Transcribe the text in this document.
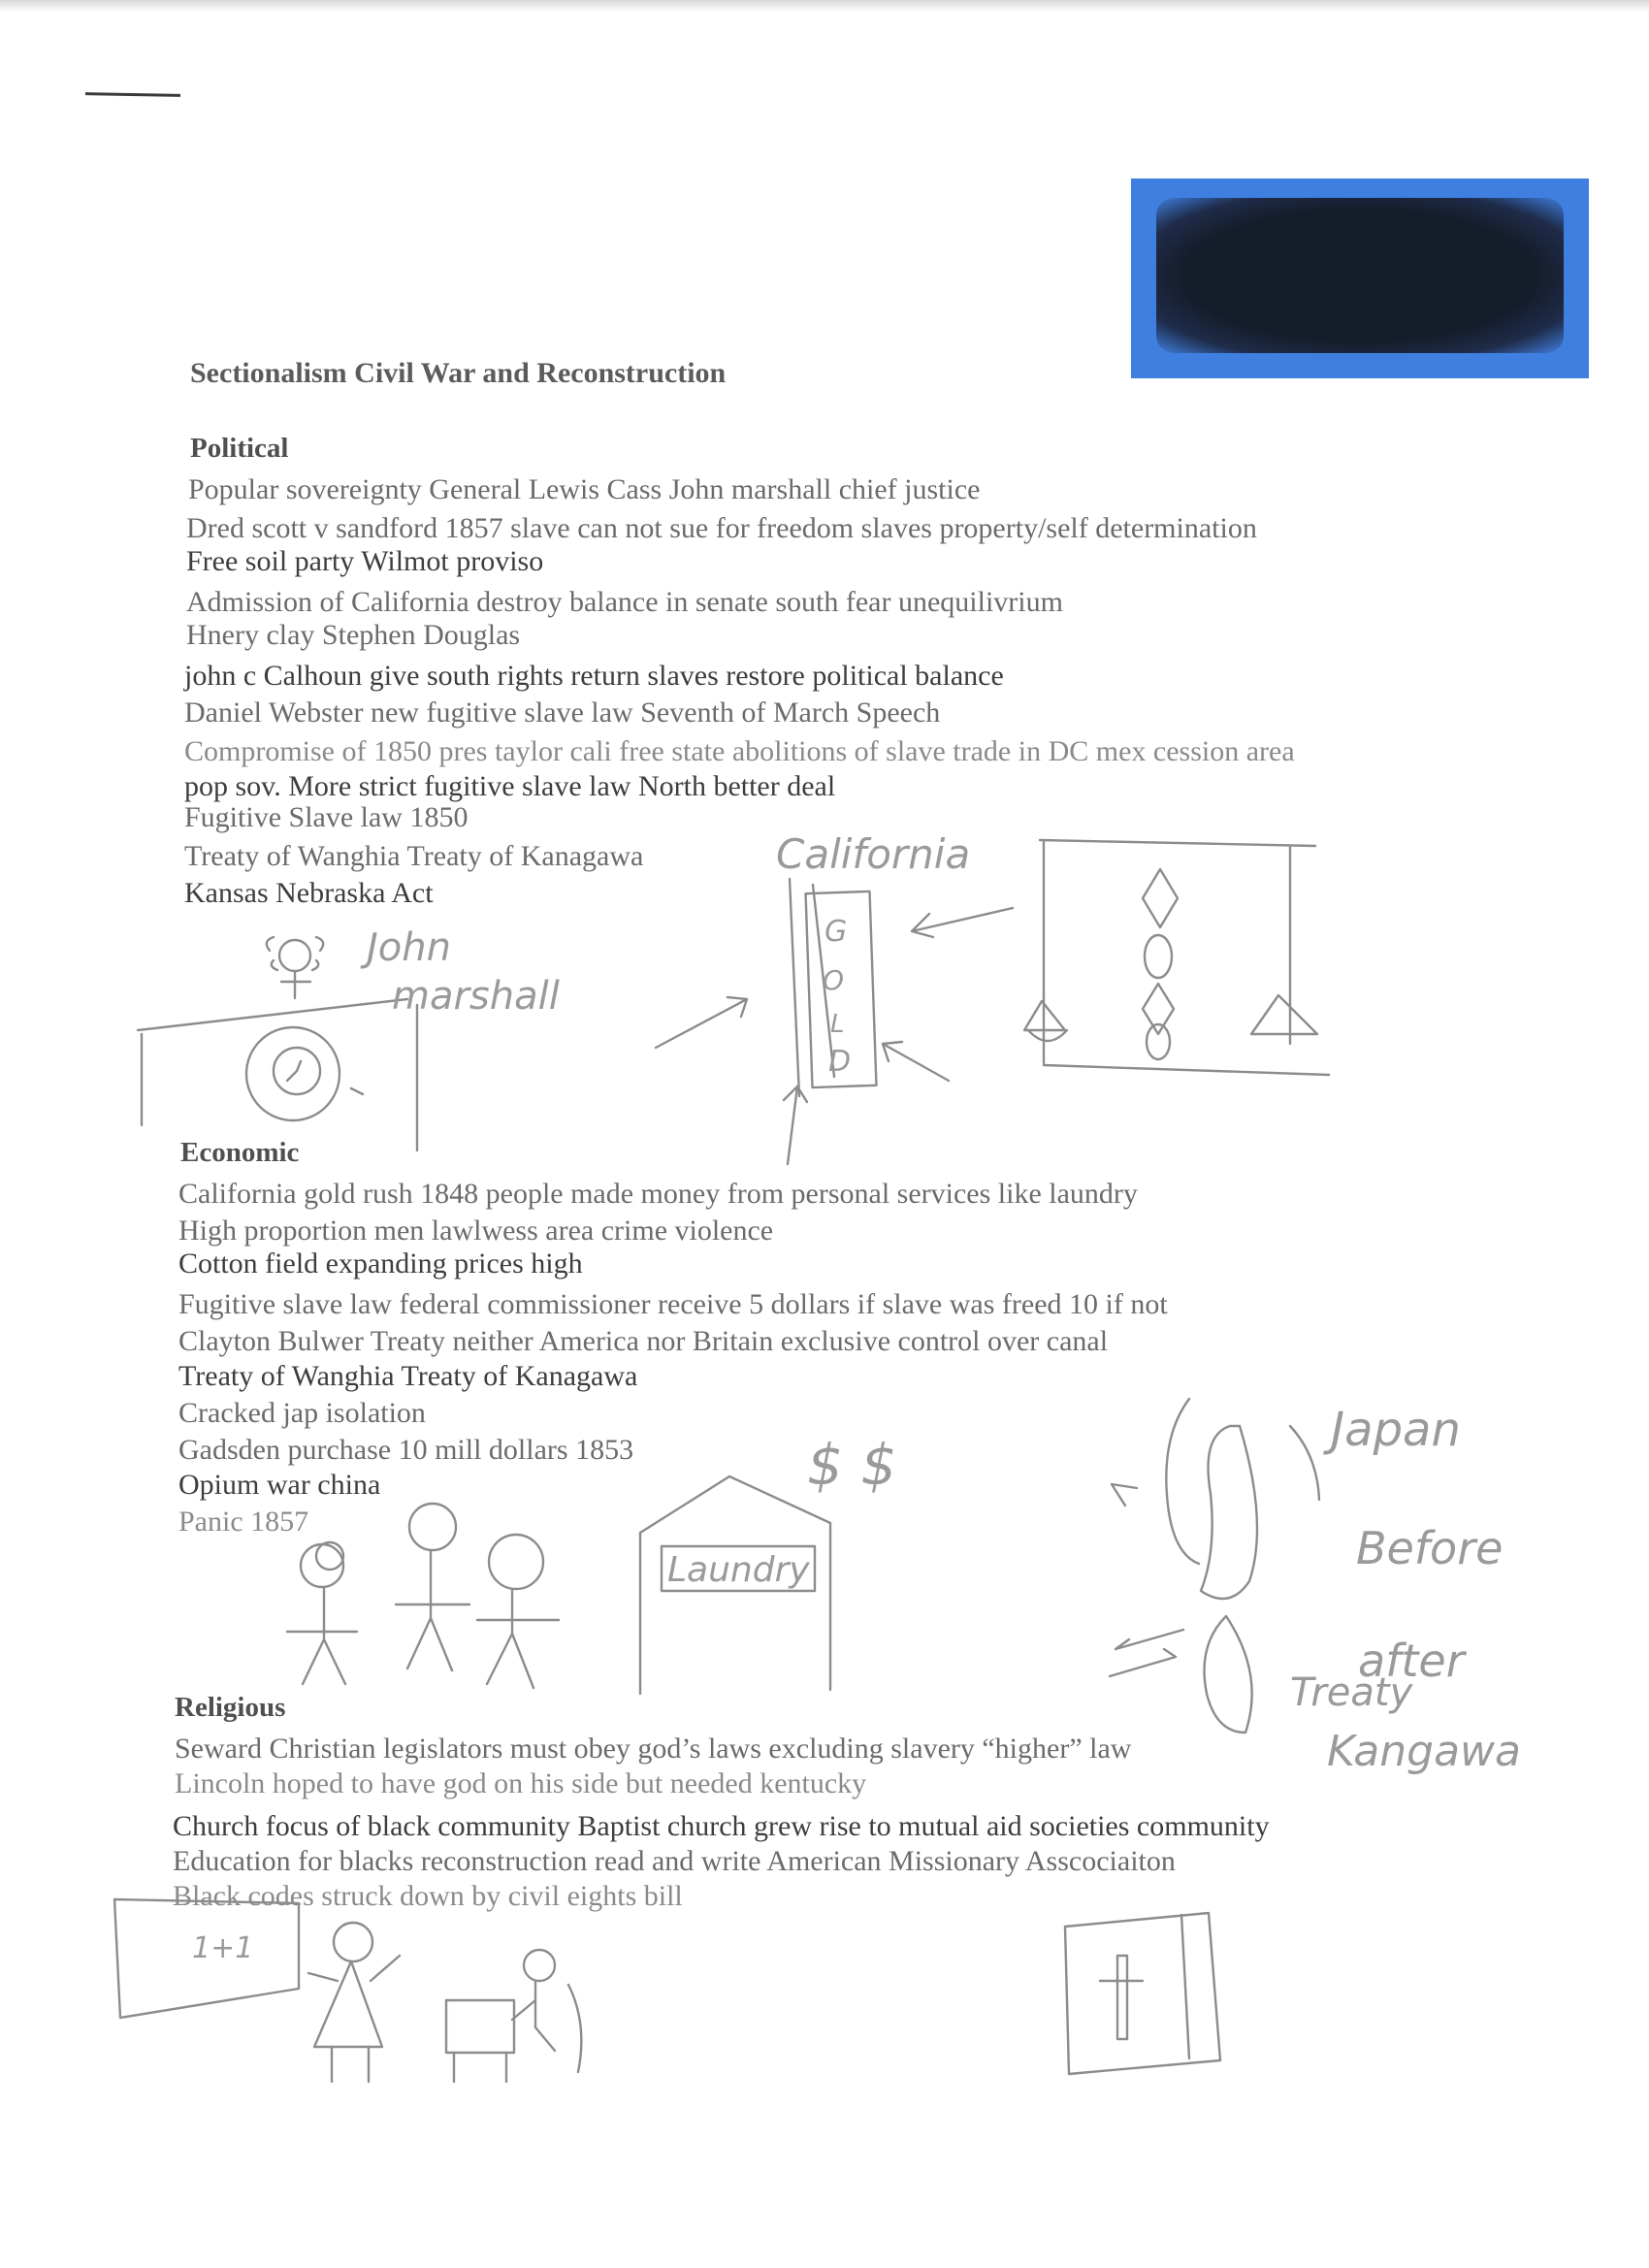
Sectionalism Civil War and Reconstruction
Political
Popular sovereignty General Lewis Cass John marshall chief justice
Dred scott v sandford 1857 slave can not sue for freedom slaves property/self determination
Free soil party Wilmot proviso
Admission of California destroy balance in senate south fear unequilivrium
Hnery clay Stephen Douglas
john c Calhoun give south rights return slaves restore political balance
Daniel Webster new fugitive slave law Seventh of March Speech
Compromise of 1850 pres taylor cali free state abolitions of slave trade in DC mex cession area
pop sov. More strict fugitive slave law North better deal
Fugitive Slave law 1850
Treaty of Wanghia Treaty of Kanagawa
Kansas Nebraska Act
Economic
California gold rush 1848 people made money from personal services like laundry
High proportion men lawlwess area crime violence
Cotton field expanding prices high
Fugitive slave law federal commissioner receive 5 dollars if slave was freed 10 if not
Clayton Bulwer Treaty neither America nor Britain exclusive control over canal
Treaty of Wanghia Treaty of Kanagawa
Cracked jap isolation
Gadsden purchase 10 mill dollars 1853
Opium war china
Panic 1857
Religious
Seward Christian legislators must obey god’s laws excluding slavery “higher” law
Lincoln hoped to have god on his side but needed kentucky
Church focus of black community Baptist church grew rise to mutual aid societies community
Education for blacks reconstruction read and write American Missionary Asscociaiton
Black codes struck down by civil eights bill
John
marshall
California
G
O
L
D
Laundry
$ $
Japan
Before
after
Treaty
Kangawa
1+1
